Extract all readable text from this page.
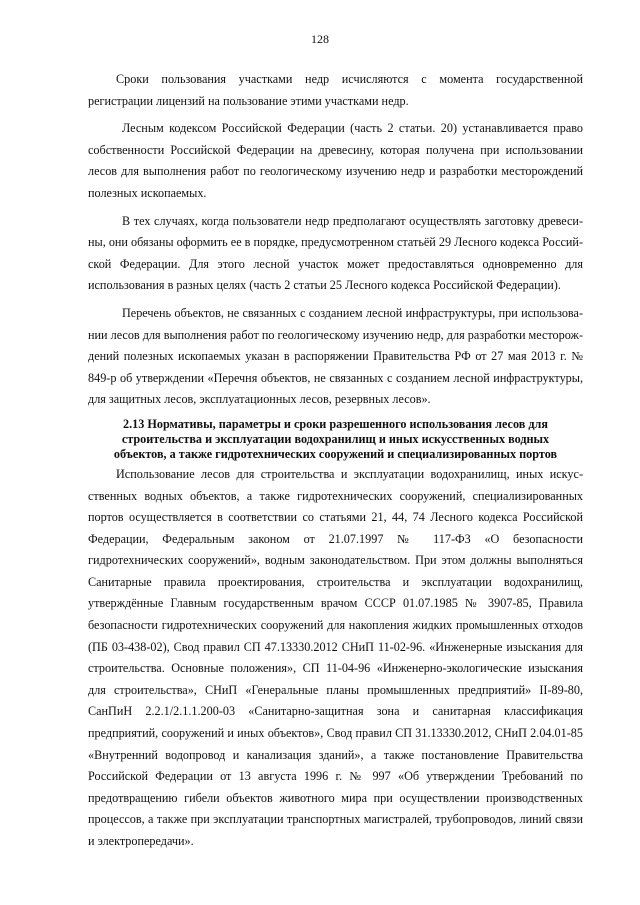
128

Сроки пользования участками недр исчисляются с момента государственной регистрации лицензий на пользование этими участками недр.

Лесным кодексом Российской Федерации (часть 2 статьи. 20) устанавливается право собственности Российской Федерации на древесину, которая получена при использовании лесов для выполнения работ по геологическому изучению недр и разработки месторождений полезных ископаемых.

В тех случаях, когда пользователи недр предполагают осуществлять заготовку древесины, они обязаны оформить ее в порядке, предусмотренном статьёй 29 Лесного кодекса Российской Федерации. Для этого лесной участок может предоставляться одновременно для использования в разных целях (часть 2 статьи 25 Лесного кодекса Российской Федерации).

Перечень объектов, не связанных с созданием лесной инфраструктуры, при использовании лесов для выполнения работ по геологическому изучению недр, для разработки месторождений полезных ископаемых указан в распоряжении Правительства РФ от 27 мая 2013 г. № 849-р об утверждении «Перечня объектов, не связанных с созданием лесной инфраструктуры, для защитных лесов, эксплуатационных лесов, резервных лесов».

2.13 Нормативы, параметры и сроки разрешенного использования лесов для
строительства и эксплуатации водохранилищ и иных искусственных водных
объектов, а также гидротехнических сооружений и специализированных портов

Использование лесов для строительства и эксплуатации водохранилищ, иных искусственных водных объектов, а также гидротехнических сооружений, специализированных портов осуществляется в соответствии со статьями 21, 44, 74 Лесного кодекса Российской Федерации, Федеральным законом от 21.07.1997 № 117-ФЗ «О безопасности гидротехнических сооружений», водным законодательством. При этом должны выполняться Санитарные правила проектирования, строительства и эксплуатации водохранилищ, утверждённые Главным государственным врачом СССР 01.07.1985 № 3907-85, Правила безопасности гидротехнических сооружений для накопления жидких промышленных отходов (ПБ 03-438-02), Свод правил СП 47.13330.2012 СНиП 11-02-96. «Инженерные изыскания для строительства. Основные положения», СП 11-04-96 «Инженерно-экологические изыскания для строительства», СНиП «Генеральные планы промышленных предприятий» II-89-80, СанПиН 2.2.1/2.1.1.200-03 «Санитарно-защитная зона и санитарная классификация предприятий, сооружений и иных объектов», Свод правил СП 31.13330.2012, СНиП 2.04.01-85 «Внутренний водопровод и канализация зданий», а также постановление Правительства Российской Федерации от 13 августа 1996 г. № 997 «Об утверждении Требований по предотвращению гибели объектов животного мира при осуществлении производственных процессов, а также при эксплуатации транспортных магистралей, трубопроводов, линий связи и электропередачи».
